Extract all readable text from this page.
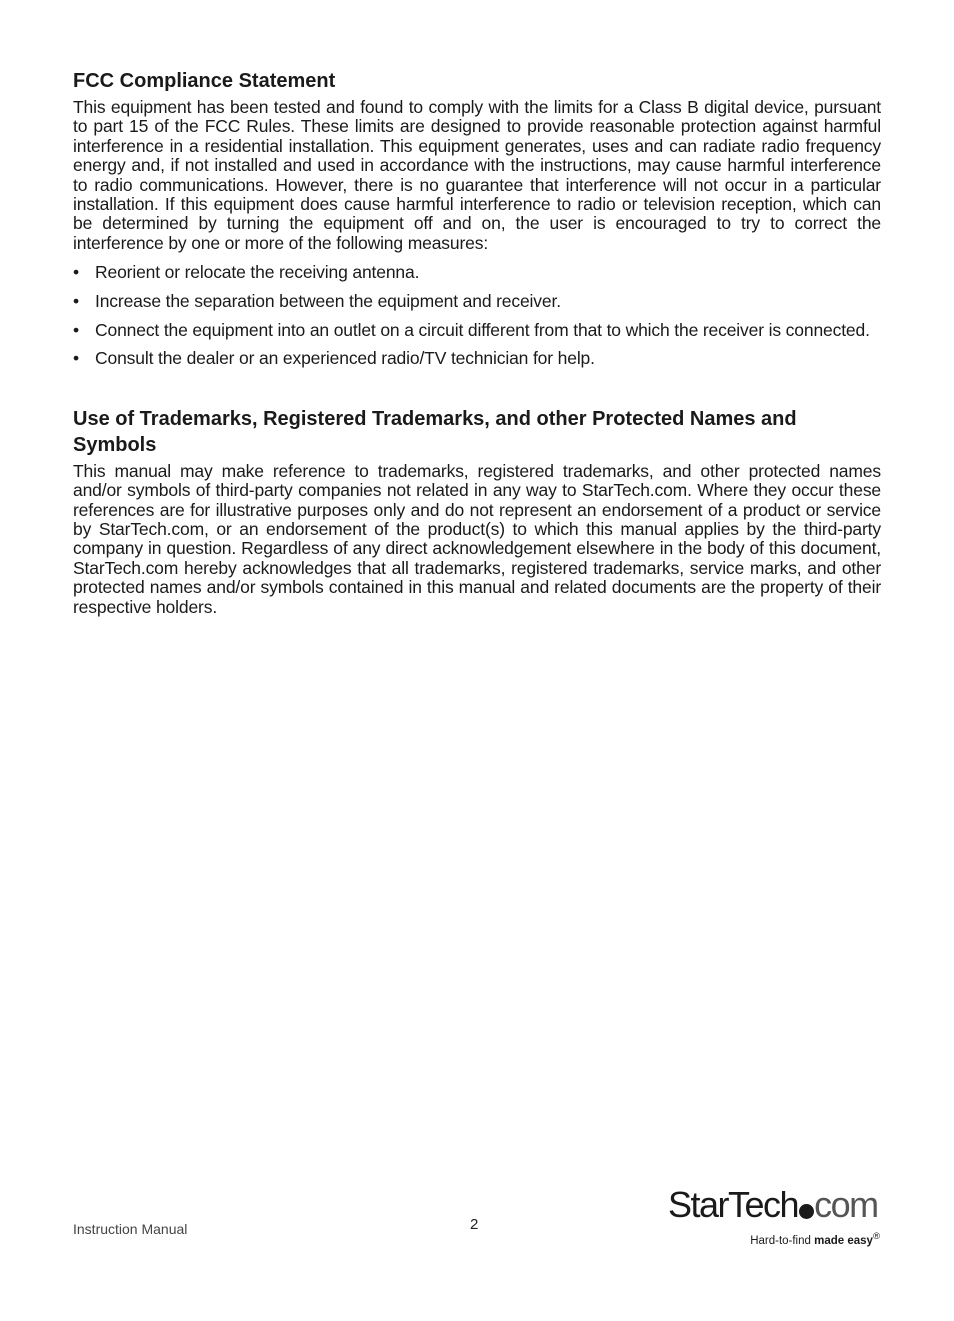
FCC Compliance Statement

This equipment has been tested and found to comply with the limits for a Class B digital device, pursuant to part 15 of the FCC Rules. These limits are designed to provide reasonable protection against harmful interference in a residential installation. This equipment generates, uses and can radiate radio frequency energy and, if not installed and used in accordance with the instructions, may cause harmful interference to radio communications. However, there is no guarantee that interference will not occur in a particular installation. If this equipment does cause harmful interference to radio or television reception, which can be determined by turning the equipment off and on, the user is encouraged to try to correct the interference by one or more of the following measures:

• Reorient or relocate the receiving antenna.
• Increase the separation between the equipment and receiver.
• Connect the equipment into an outlet on a circuit different from that to which the receiver is connected.
• Consult the dealer or an experienced radio/TV technician for help.
Use of Trademarks, Registered Trademarks, and other Protected Names and Symbols

This manual may make reference to trademarks, registered trademarks, and other protected names and/or symbols of third-party companies not related in any way to StarTech.com. Where they occur these references are for illustrative purposes only and do not represent an endorsement of a product or service by StarTech.com, or an endorsement of the product(s) to which this manual applies by the third-party company in question. Regardless of any direct acknowledgement elsewhere in the body of this document, StarTech.com hereby acknowledges that all trademarks, registered trademarks, service marks, and other protected names and/or symbols contained in this manual and related documents are the property of their respective holders.

Instruction Manual	2	StarTech com
Hard-to-find made easy®
